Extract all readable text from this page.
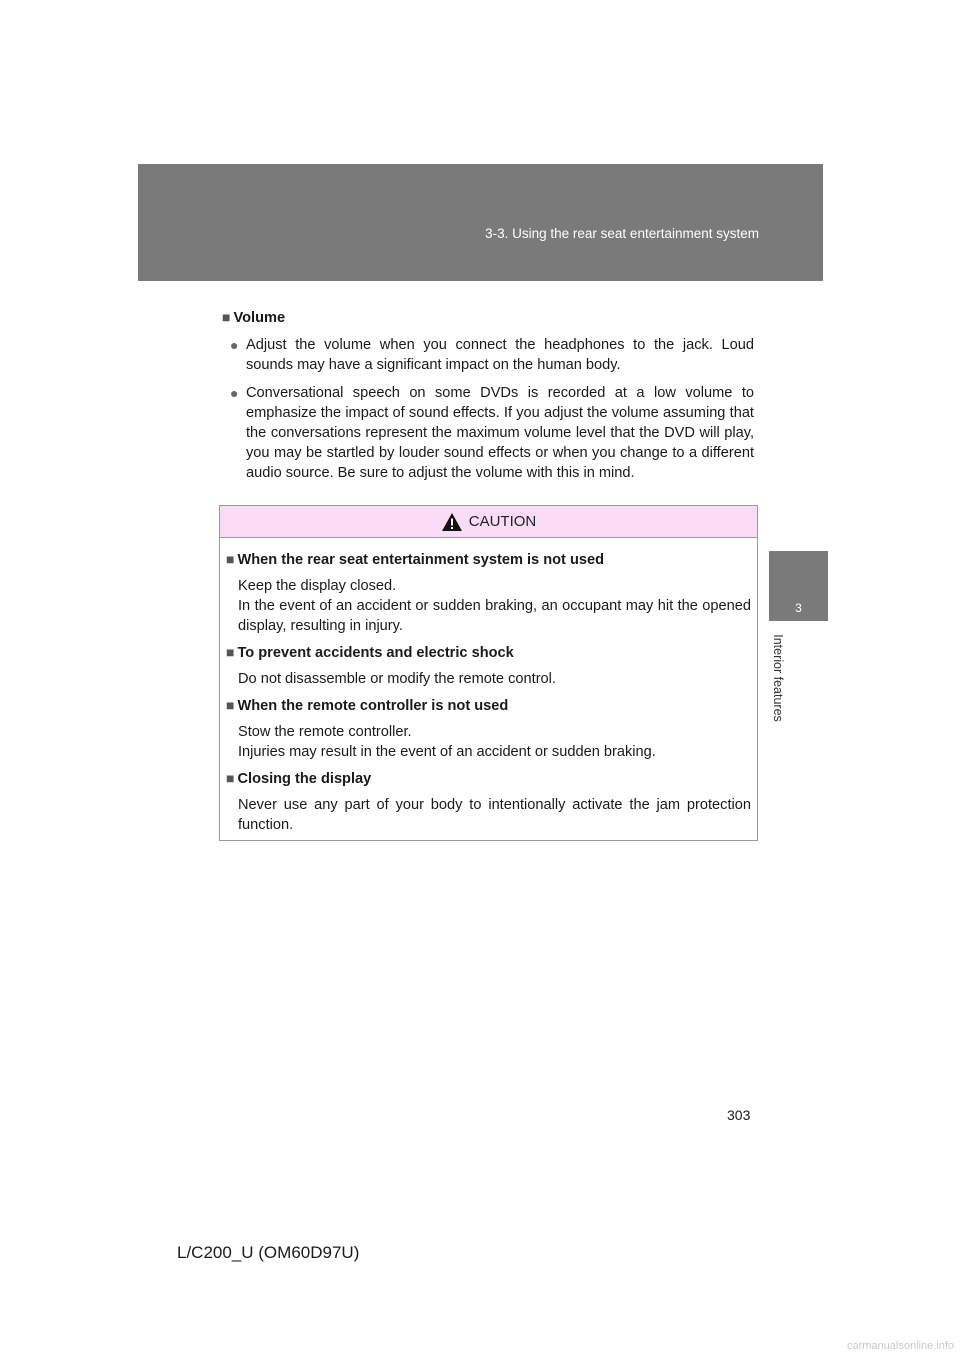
3-3. Using the rear seat entertainment system
3
Interior features
■ Volume
● Adjust the volume when you connect the headphones to the jack. Loud sounds may have a significant impact on the human body.
● Conversational speech on some DVDs is recorded at a low volume to emphasize the impact of sound effects. If you adjust the volume assuming that the conversations represent the maximum volume level that the DVD will play, you may be startled by louder sound effects or when you change to a different audio source. Be sure to adjust the volume with this in mind.
CAUTION
■ When the rear seat entertainment system is not used
Keep the display closed.
In the event of an accident or sudden braking, an occupant may hit the opened display, resulting in injury.
■ To prevent accidents and electric shock
Do not disassemble or modify the remote control.
■ When the remote controller is not used
Stow the remote controller.
Injuries may result in the event of an accident or sudden braking.
■ Closing the display
Never use any part of your body to intentionally activate the jam protection function.
303
L/C200_U (OM60D97U)
carmanualsonline.info
